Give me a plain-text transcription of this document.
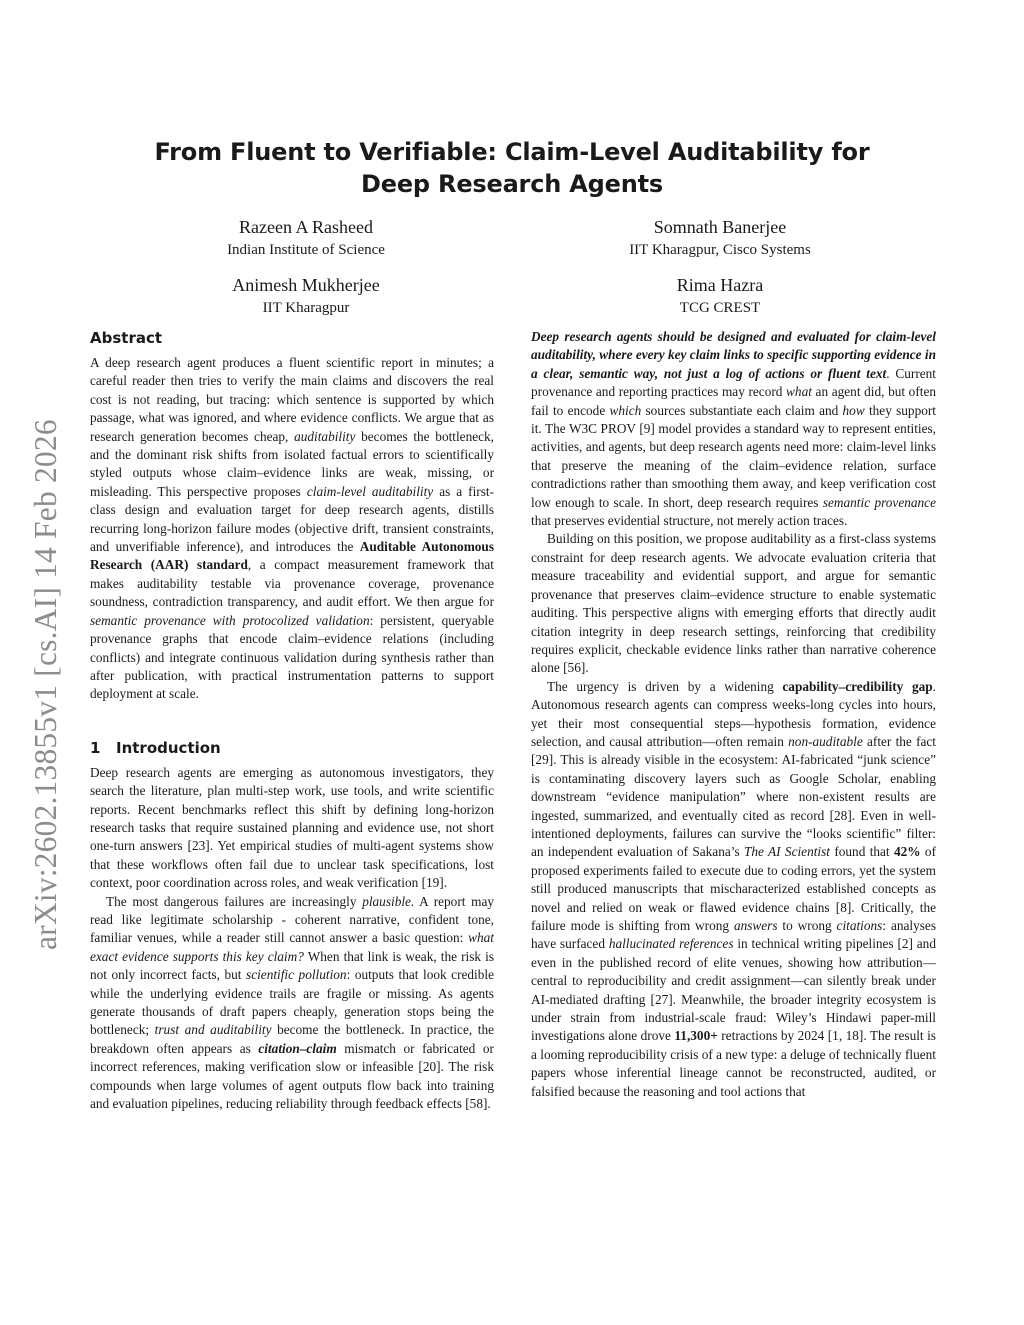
arXiv:2602.13855v1 [cs.AI] 14 Feb 2026
From Fluent to Verifiable: Claim-Level Auditability for Deep Research Agents
Razeen A Rasheed
Indian Institute of Science
Somnath Banerjee
IIT Kharagpur, Cisco Systems
Animesh Mukherjee
IIT Kharagpur
Rima Hazra
TCG CREST
Abstract

A deep research agent produces a fluent scientific report in minutes; a careful reader then tries to verify the main claims and discovers the real cost is not reading, but tracing: which sentence is supported by which passage, what was ignored, and where evidence conflicts. We argue that as research generation becomes cheap, auditability becomes the bottleneck, and the dominant risk shifts from isolated factual errors to scientifically styled outputs whose claim–evidence links are weak, missing, or misleading. This perspective proposes claim-level auditability as a first-class design and evaluation target for deep research agents, distills recurring long-horizon failure modes (objective drift, transient constraints, and unverifiable inference), and introduces the Auditable Autonomous Research (AAR) standard, a compact measurement framework that makes auditability testable via provenance coverage, provenance soundness, contradiction transparency, and audit effort. We then argue for semantic provenance with protocolized validation: persistent, queryable provenance graphs that encode claim–evidence relations (including conflicts) and integrate continuous validation during synthesis rather than after publication, with practical instrumentation patterns to support deployment at scale.

1 Introduction

Deep research agents are emerging as autonomous investigators, they search the literature, plan multi-step work, use tools, and write scientific reports. Recent benchmarks reflect this shift by defining long-horizon research tasks that require sustained planning and evidence use, not short one-turn answers [23]. Yet empirical studies of multi-agent systems show that these workflows often fail due to unclear task specifications, lost context, poor coordination across roles, and weak verification [19].

The most dangerous failures are increasingly plausible. A report may read like legitimate scholarship - coherent narrative, confident tone, familiar venues, while a reader still cannot answer a basic question: what exact evidence supports this key claim? When that link is weak, the risk is not only incorrect facts, but scientific pollution: outputs that look credible while the underlying evidence trails are fragile or missing. As agents generate thousands of draft papers cheaply, generation stops being the bottleneck; trust and auditability become the bottleneck. In practice, the breakdown often appears as citation–claim mismatch or fabricated or incorrect references, making verification slow or infeasible [20]. The risk compounds when large volumes of agent outputs flow back into training and evaluation pipelines, reducing reliability through feedback effects [58].

Deep research agents should be designed and evaluated for claim-level auditability, where every key claim links to specific supporting evidence in a clear, semantic way, not just a log of actions or fluent text. Current provenance and reporting practices may record what an agent did, but often fail to encode which sources substantiate each claim and how they support it. The W3C PROV [9] model provides a standard way to represent entities, activities, and agents, but deep research agents need more: claim-level links that preserve the meaning of the claim–evidence relation, surface contradictions rather than smoothing them away, and keep verification cost low enough to scale. In short, deep research requires semantic provenance that preserves evidential structure, not merely action traces.

Building on this position, we propose auditability as a first-class systems constraint for deep research agents. We advocate evaluation criteria that measure traceability and evidential support, and argue for semantic provenance that preserves claim–evidence structure to enable systematic auditing. This perspective aligns with emerging efforts that directly audit citation integrity in deep research settings, reinforcing that credibility requires explicit, checkable evidence links rather than narrative coherence alone [56].

The urgency is driven by a widening capability–credibility gap. Autonomous research agents can compress weeks-long cycles into hours, yet their most consequential steps—hypothesis formation, evidence selection, and causal attribution—often remain non-auditable after the fact [29]. This is already visible in the ecosystem: AI-fabricated “junk science” is contaminating discovery layers such as Google Scholar, enabling downstream “evidence manipulation” where non-existent results are ingested, summarized, and eventually cited as record [28]. Even in well-intentioned deployments, failures can survive the “looks scientific” filter: an independent evaluation of Sakana’s The AI Scientist found that 42% of proposed experiments failed to execute due to coding errors, yet the system still produced manuscripts that mischaracterized established concepts as novel and relied on weak or flawed evidence chains [8]. Critically, the failure mode is shifting from wrong answers to wrong citations: analyses have surfaced hallucinated references in technical writing pipelines [2] and even in the published record of elite venues, showing how attribution—central to reproducibility and credit assignment—can silently break under AI-mediated drafting [27]. Meanwhile, the broader integrity ecosystem is under strain from industrial-scale fraud: Wiley’s Hindawi paper-mill investigations alone drove 11,300+ retractions by 2024 [1, 18]. The result is a looming reproducibility crisis of a new type: a deluge of technically fluent papers whose inferential lineage cannot be reconstructed, audited, or falsified because the reasoning and tool actions that
